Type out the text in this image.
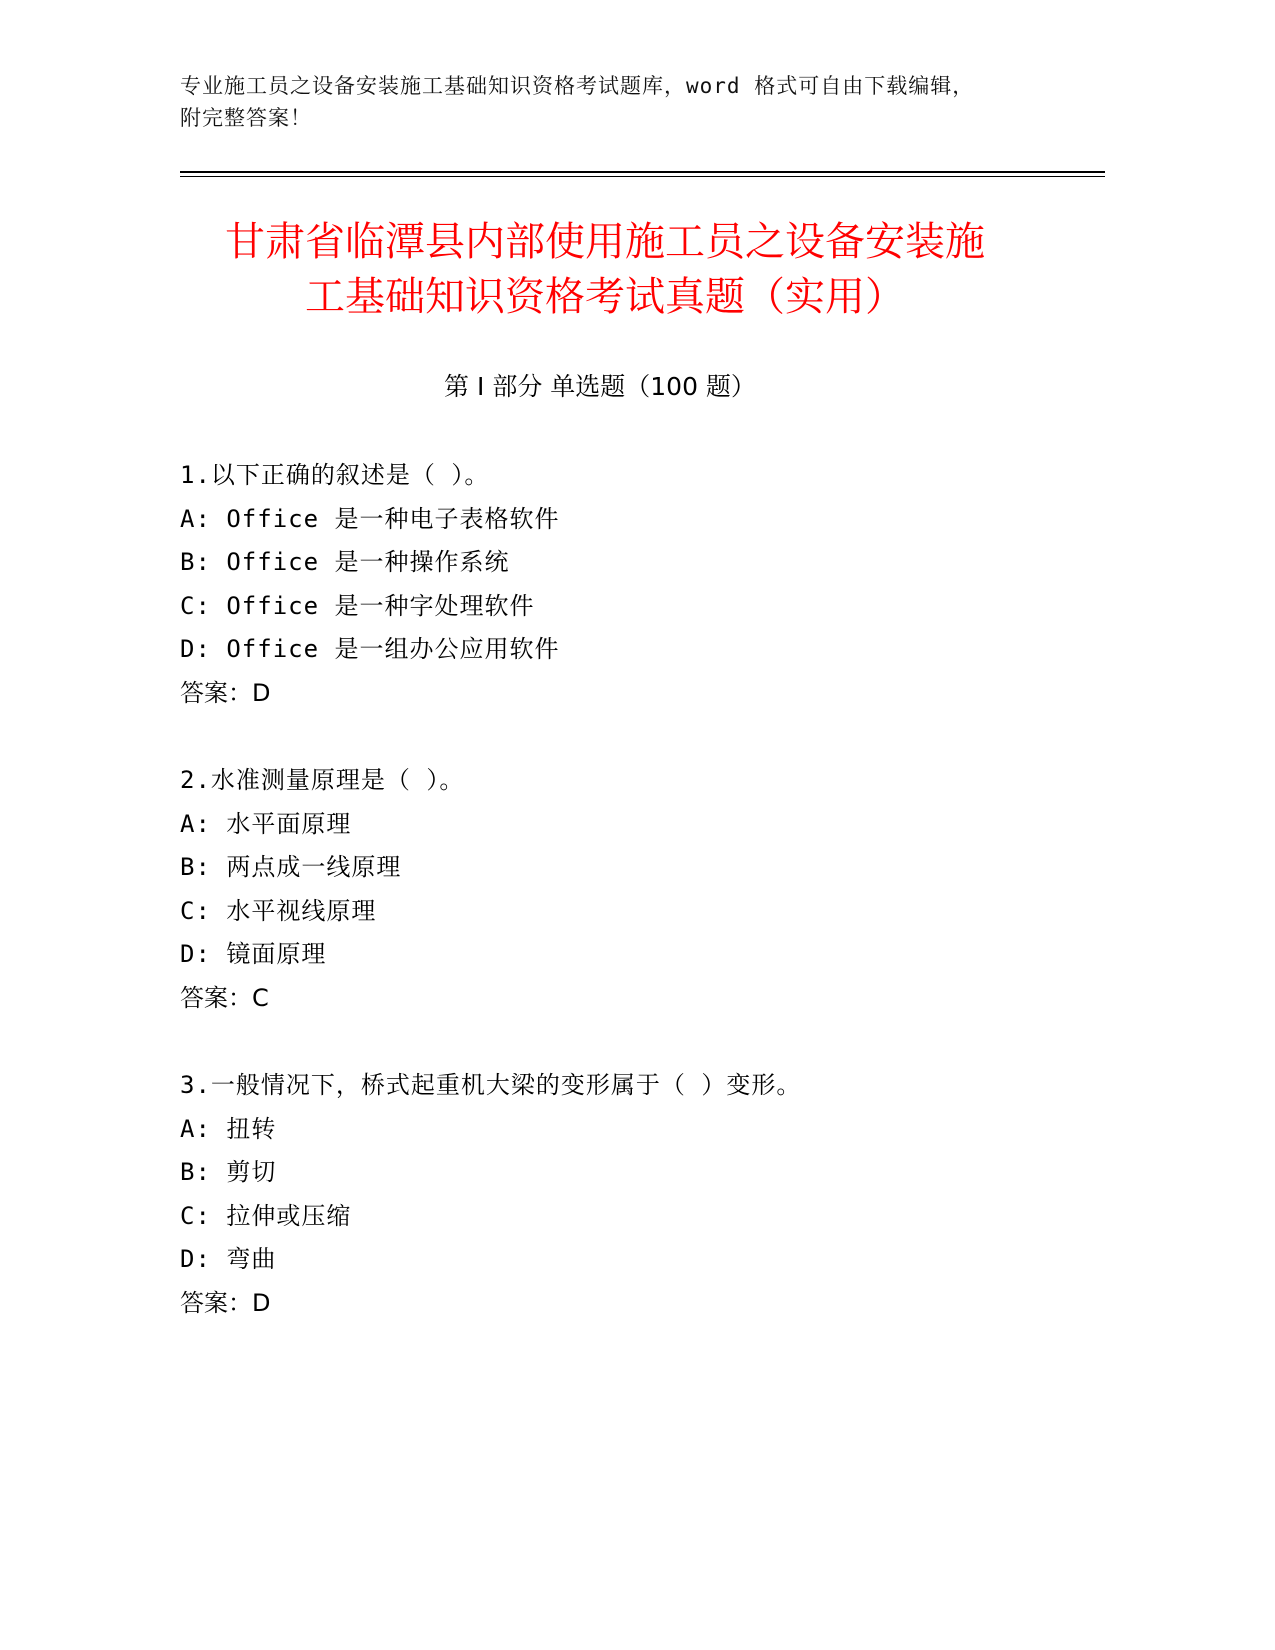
专业施工员之设备安装施工基础知识资格考试题库，word 格式可自由下载编辑，
附完整答案！
甘肃省临潭县内部使用施工员之设备安装施
工基础知识资格考试真题（实用）
第 I 部分 单选题（100 题）
1.以下正确的叙述是（ ）。
A: Office 是一种电子表格软件
B: Office 是一种操作系统
C: Office 是一种字处理软件
D: Office 是一组办公应用软件
答案：D
2.水准测量原理是（ ）。
A: 水平面原理
B: 两点成一线原理
C: 水平视线原理
D: 镜面原理
答案：C
3.一般情况下，桥式起重机大梁的变形属于（ ）变形。
A: 扭转
B: 剪切
C: 拉伸或压缩
D: 弯曲
答案：D
